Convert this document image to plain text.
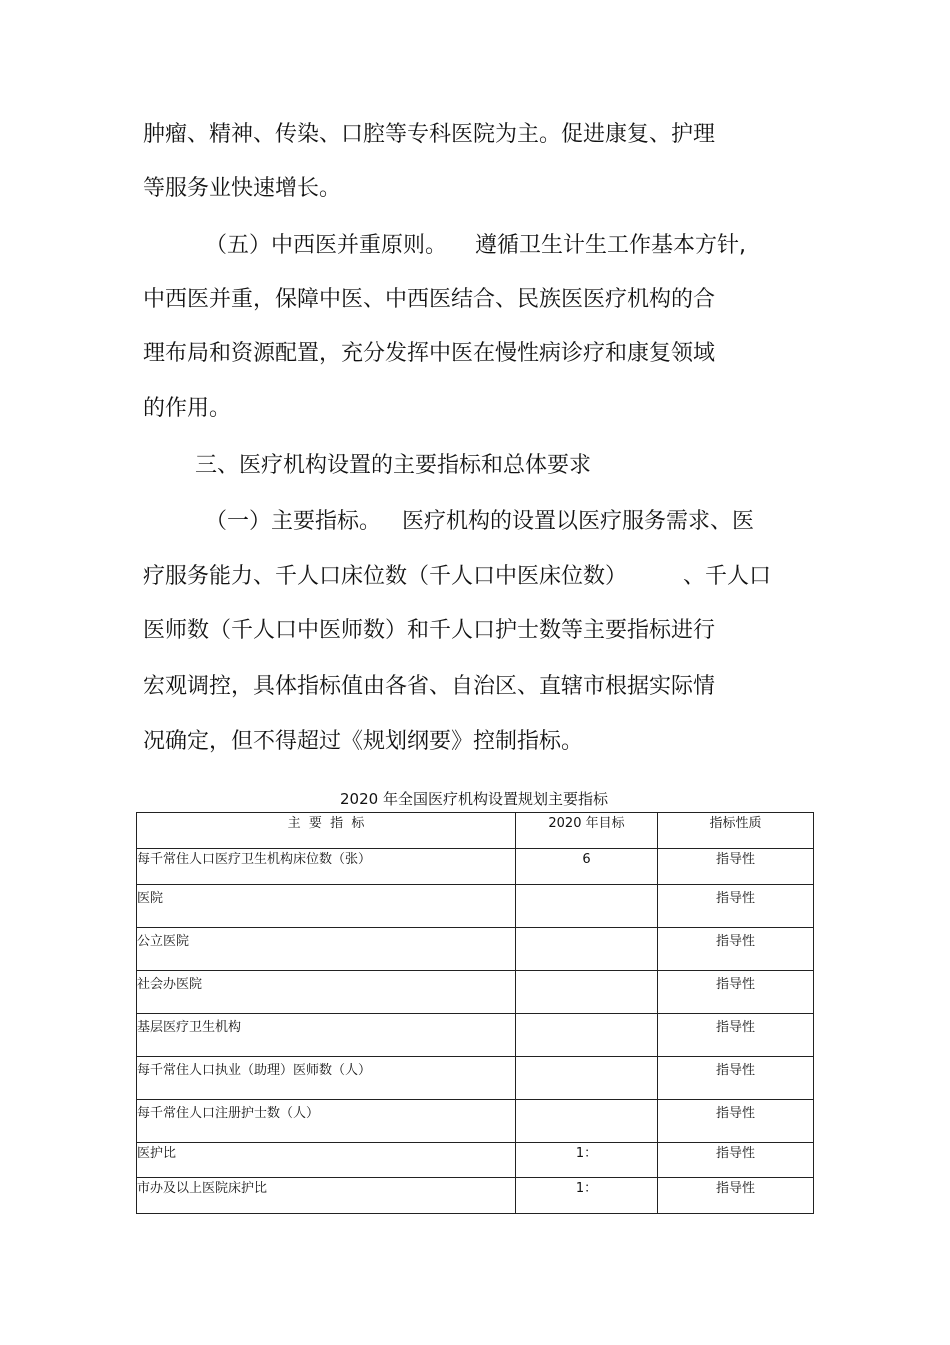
肿瘤、精神、传染、口腔等专科医院为主。促进康复、护理

等服务业快速增长。

（五）中西医并重原则。    遵循卫生计生工作基本方针,

中西医并重，保障中医、中西医结合、民族医医疗机构的合

理布局和资源配置，充分发挥中医在慢性病诊疗和康复领域

的作用。

三、医疗机构设置的主要指标和总体要求

（一）主要指标。   医疗机构的设置以医疗服务需求、医

疗服务能力、千人口床位数（千人口中医床位数）        、千人口

医师数（千人口中医师数）和千人口护士数等主要指标进行

宏观调控，具体指标值由各省、自治区、直辖市根据实际情

况确定，但不得超过《规划纲要》控制指标。

2020 年全国医疗机构设置规划主要指标
主  要  指  标	2020 年目标	指标性质
每千常住人口医疗卫生机构床位数（张）	6	指导性
医院		指导性
公立医院		指导性
社会办医院		指导性
基层医疗卫生机构		指导性
每千常住人口执业（助理）医师数（人）		指导性
每千常住人口注册护士数（人）		指导性
医护比	1：	指导性
市办及以上医院床护比	1：	指导性
